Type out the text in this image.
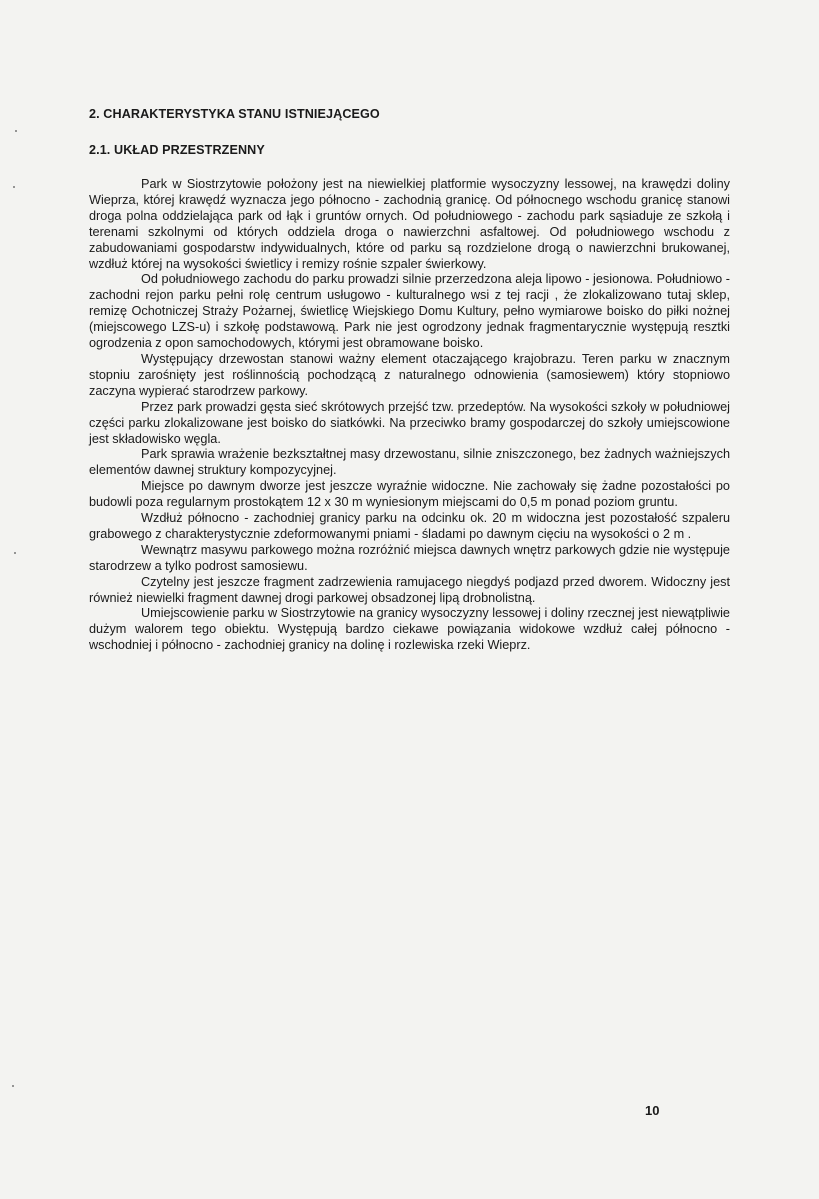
2. CHARAKTERYSTYKA STANU ISTNIEJĄCEGO
2.1. UKŁAD PRZESTRZENNY

Park w Siostrzytowie położony jest na niewielkiej platformie wysoczyzny lessowej, na krawędzi doliny Wieprza, której krawędź wyznacza jego północno - zachodnią granicę. Od północnego wschodu granicę stanowi droga polna oddzielająca park od łąk i gruntów ornych. Od południowego - zachodu park sąsiaduje ze szkołą i terenami szkolnymi od których oddziela droga o nawierzchni asfaltowej. Od południowego wschodu z zabudowaniami gospodarstw indywidualnych, które od parku są rozdzielone drogą o nawierzchni brukowanej, wzdłuż której na wysokości świetlicy i remizy rośnie szpaler świerkowy.

Od południowego zachodu do parku prowadzi silnie przerzedzona aleja lipowo - jesionowa. Południowo - zachodni rejon parku pełni rolę centrum usługowo - kulturalnego wsi z tej racji , że zlokalizowano tutaj sklep, remizę Ochotniczej Straży Pożarnej, świetlicę Wiejskiego Domu Kultury, pełno wymiarowe boisko do piłki nożnej (miejscowego LZS-u) i szkołę podstawową. Park nie jest ogrodzony jednak fragmentarycznie występują resztki ogrodzenia z opon samochodowych, którymi jest obramowane boisko.

Występujący drzewostan stanowi ważny element otaczającego krajobrazu. Teren parku w znacznym stopniu zarośnięty jest roślinnością pochodzącą z naturalnego odnowienia (samosiewem) który stopniowo zaczyna wypierać starodrzew parkowy.

Przez park prowadzi gęsta sieć skrótowych przejść tzw. przedeptów. Na wysokości szkoły w południowej części parku zlokalizowane jest boisko do siatkówki. Na przeciwko bramy gospodarczej do szkoły umiejscowione jest składowisko węgla.

Park sprawia wrażenie bezkształtnej masy drzewostanu, silnie zniszczonego, bez żadnych ważniejszych elementów dawnej struktury kompozycyjnej.

Miejsce po dawnym dworze jest jeszcze wyraźnie widoczne. Nie zachowały się żadne pozostałości po budowli poza regularnym prostokątem 12 x 30 m wyniesionym miejscami do 0,5 m ponad poziom gruntu.

Wzdłuż północno - zachodniej granicy parku na odcinku ok. 20 m widoczna jest pozostałość szpaleru grabowego z charakterystycznie zdeformowanymi pniami - śladami po dawnym cięciu na wysokości o 2 m .

Wewnątrz masywu parkowego można rozróżnić miejsca dawnych wnętrz parkowych gdzie nie występuje starodrzew a tylko podrost samosiewu.

Czytelny jest jeszcze fragment zadrzewienia ramujacego niegdyś podjazd przed dworem. Widoczny jest również niewielki fragment dawnej drogi parkowej obsadzonej lipą drobnolistną.

Umiejscowienie parku w Siostrzytowie na granicy wysoczyzny lessowej i doliny rzecznej jest niewątpliwie dużym walorem tego obiektu. Występują bardzo ciekawe powiązania widokowe wzdłuż całej północno - wschodniej i północno - zachodniej granicy na dolinę i rozlewiska rzeki Wieprz.

10
